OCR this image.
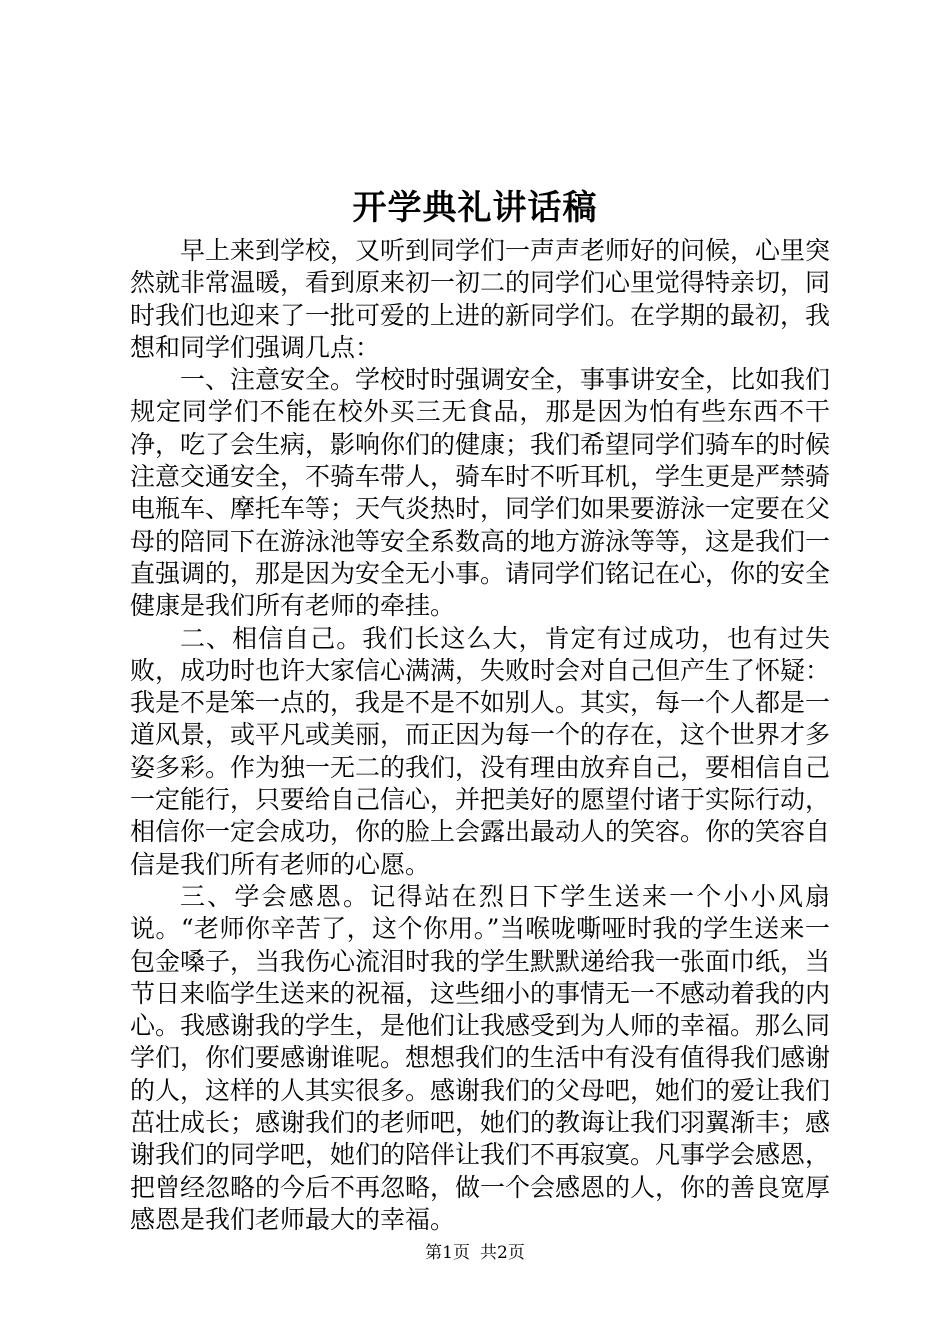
开学典礼讲话稿

早上来到学校，又听到同学们一声声老师好的问候，心里突然就非常温暖，看到原来初一初二的同学们心里觉得特亲切，同时我们也迎来了一批可爱的上进的新同学们。在学期的最初，我想和同学们强调几点：

一、注意安全。学校时时强调安全，事事讲安全，比如我们规定同学们不能在校外买三无食品，那是因为怕有些东西不干净，吃了会生病，影响你们的健康；我们希望同学们骑车的时候注意交通安全，不骑车带人，骑车时不听耳机，学生更是严禁骑电瓶车、摩托车等；天气炎热时，同学们如果要游泳一定要在父母的陪同下在游泳池等安全系数高的地方游泳等等，这是我们一直强调的，那是因为安全无小事。请同学们铭记在心，你的安全健康是我们所有老师的牵挂。

二、相信自己。我们长这么大，肯定有过成功，也有过失败，成功时也许大家信心满满，失败时会对自己但产生了怀疑：我是不是笨一点的，我是不是不如别人。其实，每一个人都是一道风景，或平凡或美丽，而正因为每一个的存在，这个世界才多姿多彩。作为独一无二的我们，没有理由放弃自己，要相信自己一定能行，只要给自己信心，并把美好的愿望付诸于实际行动，相信你一定会成功，你的脸上会露出最动人的笑容。你的笑容自信是我们所有老师的心愿。

三、学会感恩。记得站在烈日下学生送来一个小小风扇说。“老师你辛苦了，这个你用。”当喉咙嘶哑时我的学生送来一包金嗓子，当我伤心流泪时我的学生默默递给我一张面巾纸，当节日来临学生送来的祝福，这些细小的事情无一不感动着我的内心。我感谢我的学生，是他们让我感受到为人师的幸福。那么同学们，你们要感谢谁呢。想想我们的生活中有没有值得我们感谢的人，这样的人其实很多。感谢我们的父母吧，她们的爱让我们茁壮成长；感谢我们的老师吧，她们的教诲让我们羽翼渐丰；感谢我们的同学吧，她们的陪伴让我们不再寂寞。凡事学会感恩，把曾经忽略的今后不再忽略，做一个会感恩的人，你的善良宽厚感恩是我们老师最大的幸福。

第1页 共2页
